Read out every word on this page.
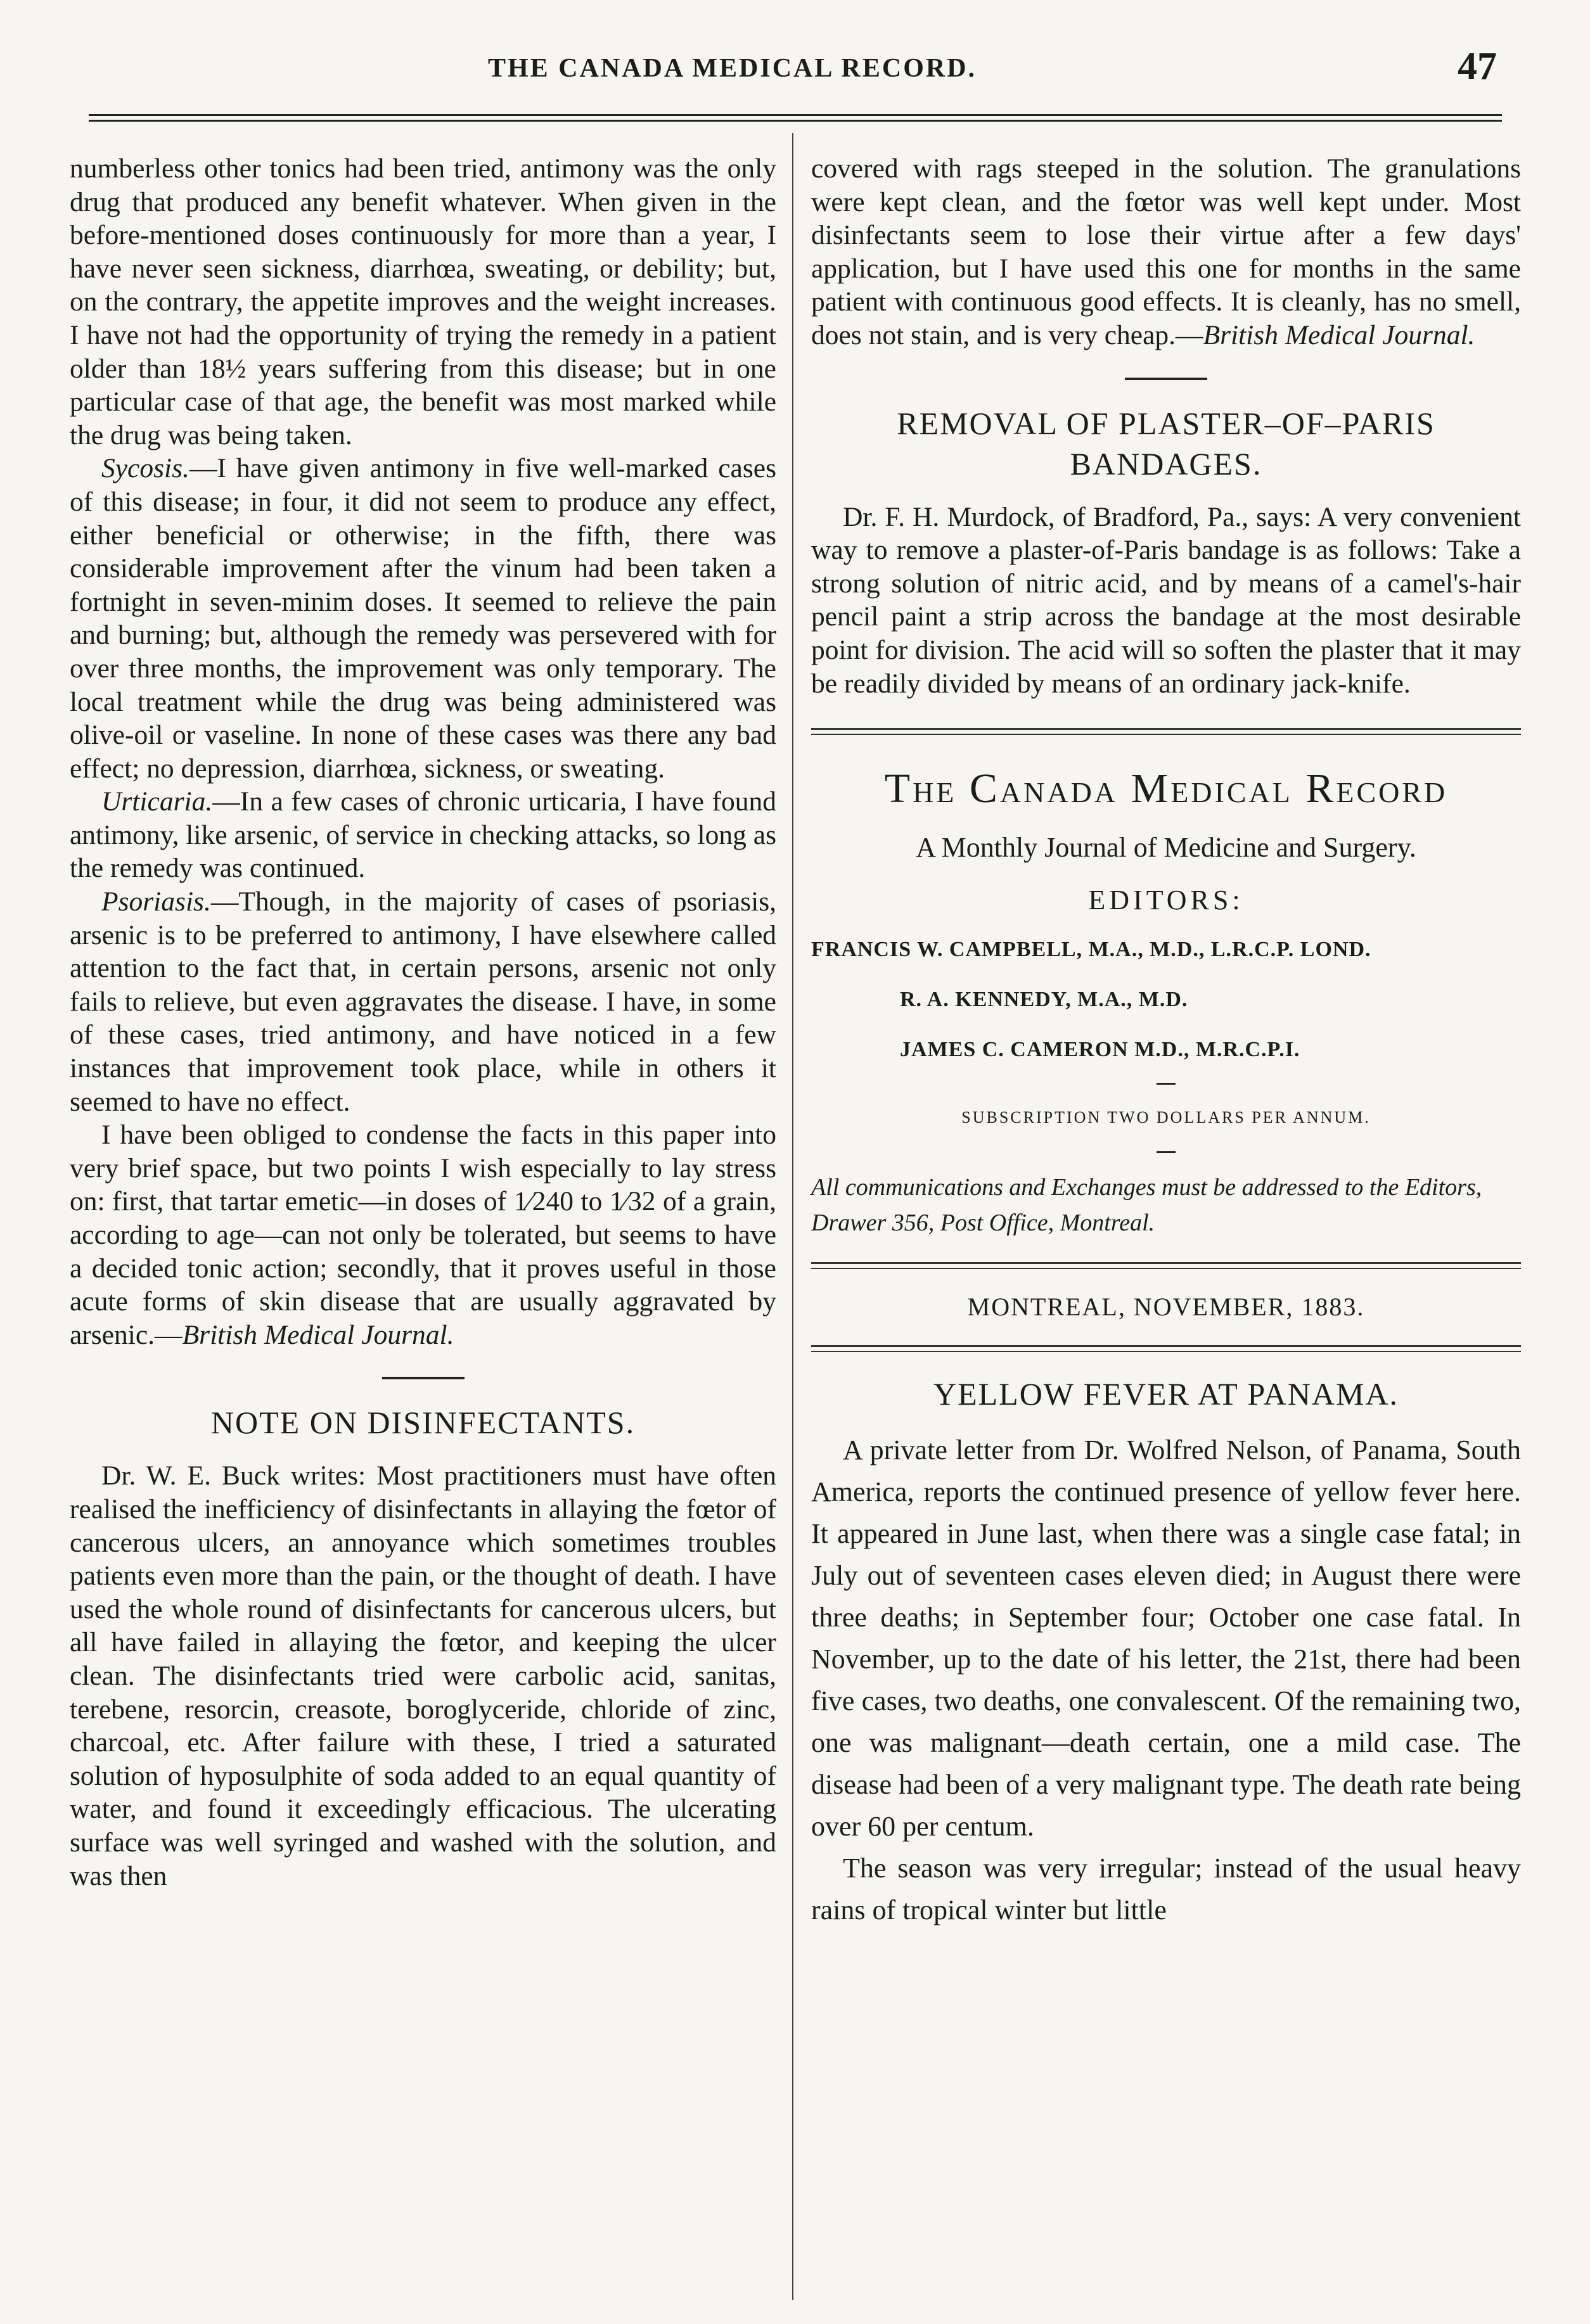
THE CANADA MEDICAL RECORD.	47

numberless other tonics had been tried, antimony was the only drug that produced any benefit whatever. When given in the before-mentioned doses continuously for more than a year, I have never seen sickness, diarrhœa, sweating, or debility; but, on the contrary, the appetite improves and the weight increases. I have not had the opportunity of trying the remedy in a patient older than 18½ years suffering from this disease; but in one particular case of that age, the benefit was most marked while the drug was being taken.

Sycosis.—I have given antimony in five well-marked cases of this disease; in four, it did not seem to produce any effect, either beneficial or otherwise; in the fifth, there was considerable improvement after the vinum had been taken a fortnight in seven-minim doses. It seemed to relieve the pain and burning; but, although the remedy was persevered with for over three months, the improvement was only temporary. The local treatment while the drug was being administered was olive-oil or vaseline. In none of these cases was there any bad effect; no depression, diarrhœa, sickness, or sweating.

Urticaria.—In a few cases of chronic urticaria, I have found antimony, like arsenic, of service in checking attacks, so long as the remedy was continued.

Psoriasis.—Though, in the majority of cases of psoriasis, arsenic is to be preferred to antimony, I have elsewhere called attention to the fact that, in certain persons, arsenic not only fails to relieve, but even aggravates the disease. I have, in some of these cases, tried antimony, and have noticed in a few instances that improvement took place, while in others it seemed to have no effect.

I have been obliged to condense the facts in this paper into very brief space, but two points I wish especially to lay stress on: first, that tartar emetic—in doses of 1⁄240 to 1⁄32 of a grain, according to age—can not only be tolerated, but seems to have a decided tonic action; secondly, that it proves useful in those acute forms of skin disease that are usually aggravated by arsenic.—British Medical Journal.

NOTE ON DISINFECTANTS.

Dr. W. E. Buck writes: Most practitioners must have often realised the inefficiency of disinfectants in allaying the fœtor of cancerous ulcers, an annoyance which sometimes troubles patients even more than the pain, or the thought of death. I have used the whole round of disinfectants for cancerous ulcers, but all have failed in allaying the fœtor, and keeping the ulcer clean. The disinfectants tried were carbolic acid, sanitas, terebene, resorcin, creasote, boroglyceride, chloride of zinc, charcoal, etc. After failure with these, I tried a saturated solution of hyposulphite of soda added to an equal quantity of water, and found it exceedingly efficacious. The ulcerating surface was well syringed and washed with the solution, and was then

covered with rags steeped in the solution. The granulations were kept clean, and the fœtor was well kept under. Most disinfectants seem to lose their virtue after a few days' application, but I have used this one for months in the same patient with continuous good effects. It is cleanly, has no smell, does not stain, and is very cheap.—British Medical Journal.

REMOVAL OF PLASTER–OF–PARIS BANDAGES.

Dr. F. H. Murdock, of Bradford, Pa., says: A very convenient way to remove a plaster-of-Paris bandage is as follows: Take a strong solution of nitric acid, and by means of a camel's-hair pencil paint a strip across the bandage at the most desirable point for division. The acid will so soften the plaster that it may be readily divided by means of an ordinary jack-knife.

The Canada Medical Record
A Monthly Journal of Medicine and Surgery.
EDITORS:
FRANCIS W. CAMPBELL, M.A., M.D., L.R.C.P. LOND.
R. A. KENNEDY, M.A., M.D.
JAMES C. CAMERON M.D., M.R.C.P.I.
SUBSCRIPTION TWO DOLLARS PER ANNUM.
All communications and Exchanges must be addressed to the Editors, Drawer 356, Post Office, Montreal.
MONTREAL, NOVEMBER, 1883.
YELLOW FEVER AT PANAMA.

A private letter from Dr. Wolfred Nelson, of Panama, South America, reports the continued presence of yellow fever here. It appeared in June last, when there was a single case fatal; in July out of seventeen cases eleven died; in August there were three deaths; in September four; October one case fatal. In November, up to the date of his letter, the 21st, there had been five cases, two deaths, one convalescent. Of the remaining two, one was malignant—death certain, one a mild case. The disease had been of a very malignant type. The death rate being over 60 per centum.

The season was very irregular; instead of the usual heavy rains of tropical winter but little
